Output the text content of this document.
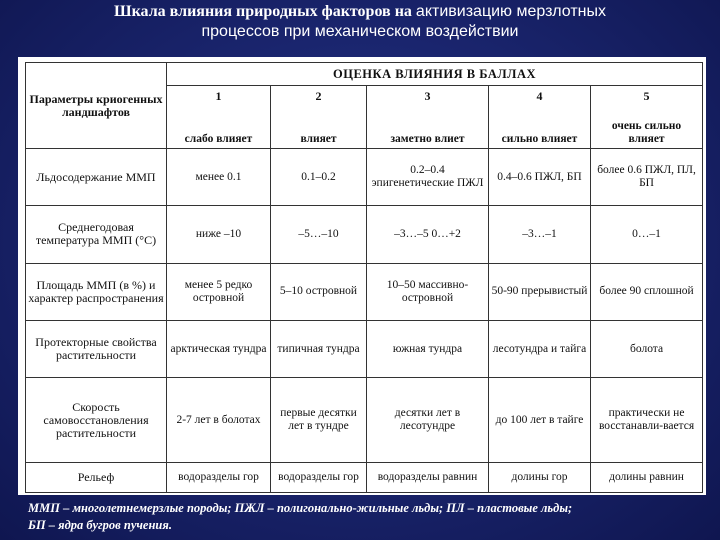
Шкала влияния природных факторов на активизацию мерзлотных
процессов при механическом воздействии
Параметры криогенных ландшафтов	ОЦЕНКА ВЛИЯНИЯ В БАЛЛАХ				
	1	2	3	4	5
	слабо влияет	влияет	заметно влиет	сильно влияет	очень сильно влияет
Льдосодержание ММП	менее 0.1	0.1–0.2	0.2–0.4 эпигенетические ПЖЛ	0.4–0.6 ПЖЛ, БП	более 0.6 ПЖЛ, ПЛ, БП
Среднегодовая температура ММП (°С)	ниже –10	–5…–10	–3…–5 0…+2	–3…–1	0…–1
Площадь ММП (в %) и характер распространения	менее 5 редко островной	5–10 островной	10–50 массивно-островной	50-90 прерывистый	более 90 сплошной
Протекторные свойства растительности	арктическая тундра	типичная тундра	южная тундра	лесотундра и тайга	болота
Скорость самовосстановления растительности	2-7 лет в болотах	первые десятки лет в тундре	десятки лет в лесотундре	до 100 лет в тайге	практически не восстанавли-вается
Рельеф	водоразделы гор	водоразделы гор	водоразделы равнин	долины гор	долины равнин
ММП – многолетнемерзлые породы; ПЖЛ – полигонально-жильные льды; ПЛ – пластовые льды;
БП – ядра бугров пучения.
